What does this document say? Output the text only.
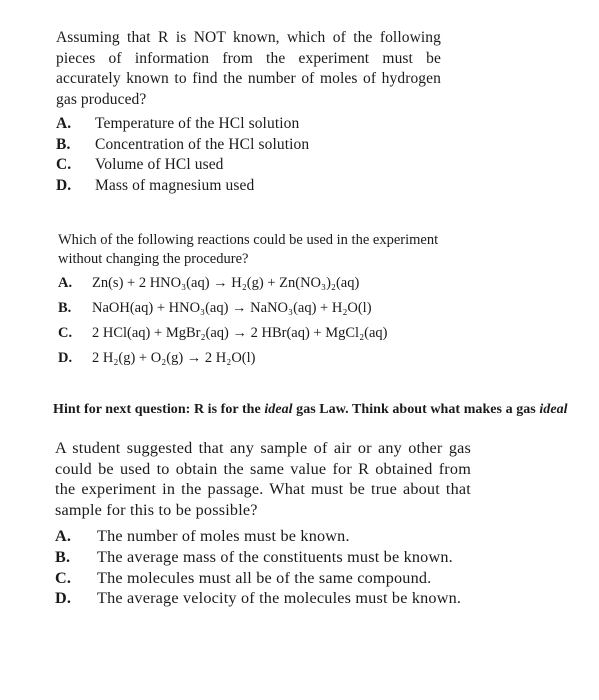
Assuming that R is NOT known, which of the following pieces of information from the experiment must be accurately known to find the number of moles of hydrogen gas produced?
A.	Temperature of the HCl solution
B.	Concentration of the HCl solution
C.	Volume of HCl used
D.	Mass of magnesium used
Which of the following reactions could be used in the experiment without changing the procedure?
A.	Zn(s) + 2 HNO₃(aq) → H₂(g) + Zn(NO₃)₂(aq)
B.	NaOH(aq) + HNO₃(aq) → NaNO₃(aq) + H₂O(l)
C.	2 HCl(aq) + MgBr₂(aq) → 2 HBr(aq) + MgCl₂(aq)
D.	2 H₂(g) + O₂(g) → 2 H₂O(l)
Hint for next question: R is for the ideal gas Law. Think about what makes a gas ideal
A student suggested that any sample of air or any other gas could be used to obtain the same value for R obtained from the experiment in the passage. What must be true about that sample for this to be possible?
A.	The number of moles must be known.
B.	The average mass of the constituents must be known.
C.	The molecules must all be of the same compound.
D.	The average velocity of the molecules must be known.
